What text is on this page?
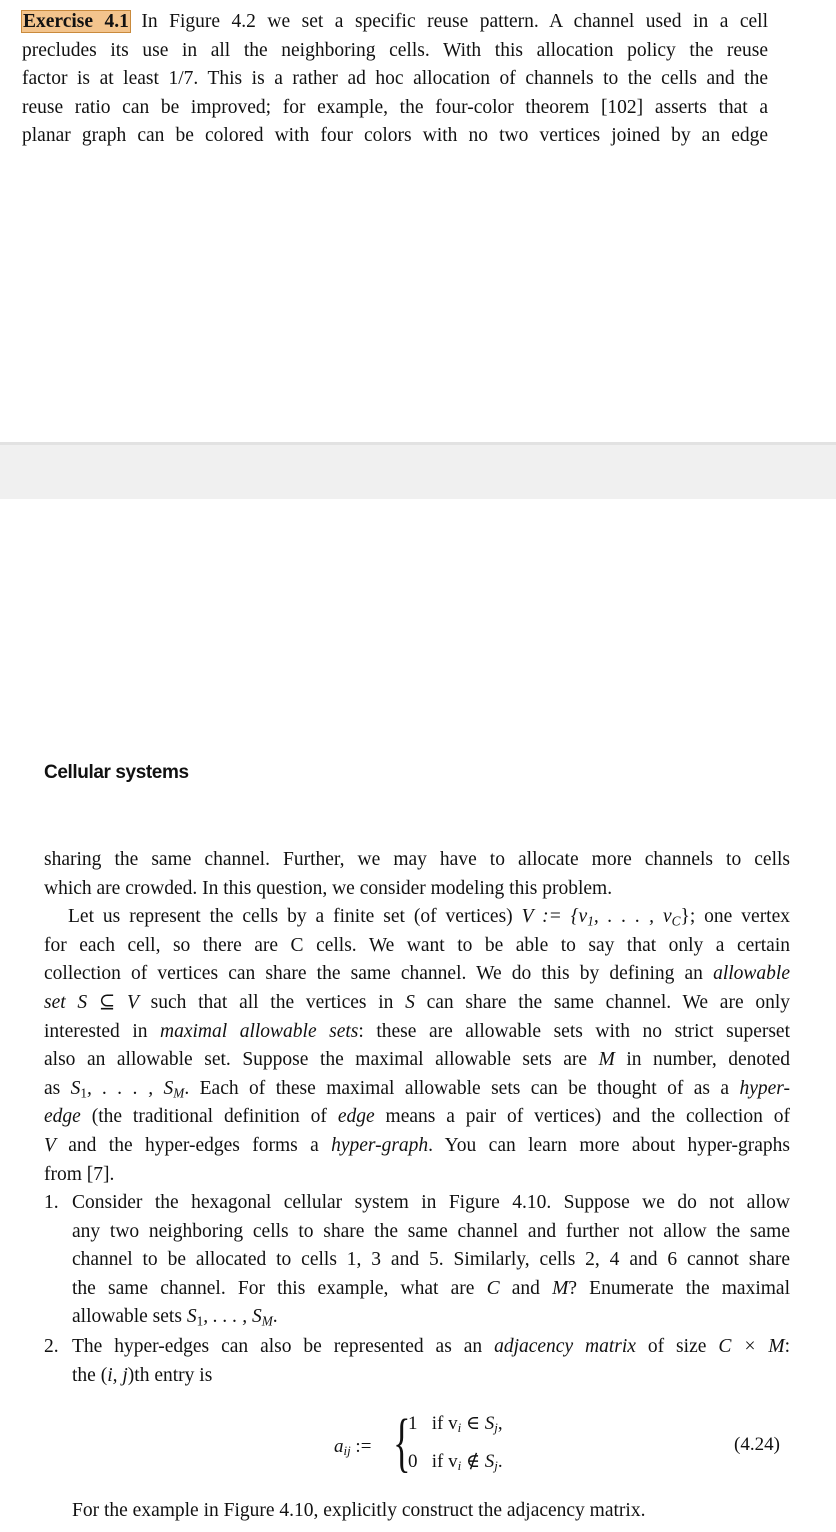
Exercise 4.1 In Figure 4.2 we set a specific reuse pattern. A channel used in a cell
precludes its use in all the neighboring cells. With this allocation policy the reuse
factor is at least 1/7. This is a rather ad hoc allocation of channels to the cells and the
reuse ratio can be improved; for example, the four-color theorem [102] asserts that a
planar graph can be colored with four colors with no two vertices joined by an edge
Cellular systems
sharing the same channel. Further, we may have to allocate more channels to cells
which are crowded. In this question, we consider modeling this problem.
Let us represent the cells by a finite set (of vertices) V := {$v_1$, . . . , $v_C$}; one vertex
for each cell, so there are C cells. We want to be able to say that only a certain
collection of vertices can share the same channel. We do this by defining an allowable
set S ⊆ V such that all the vertices in S can share the same channel. We are only
interested in maximal allowable sets: these are allowable sets with no strict superset
also an allowable set. Suppose the maximal allowable sets are M in number, denoted
as $S_1$, . . . , $S_M$. Each of these maximal allowable sets can be thought of as a hyper-
edge (the traditional definition of edge means a pair of vertices) and the collection of
V and the hyper-edges forms a hyper-graph. You can learn more about hyper-graphs
from [7].
1. Consider the hexagonal cellular system in Figure 4.10. Suppose we do not allow
any two neighboring cells to share the same channel and further not allow the same
channel to be allocated to cells 1, 3 and 5. Similarly, cells 2, 4 and 6 cannot share
the same channel. For this example, what are C and M? Enumerate the maximal
allowable sets $S_1$, . . . , $S_M$.
2. The hyper-edges can also be represented as an adjacency matrix of size C × M:
the (i, j)th entry is
$a_{ij}$ := {
1 if $v_i$ ∈ $S_j$,
0 if $v_i$ ∉ $S_j$.
(4.24)
For the example in Figure 4.10, explicitly construct the adjacency matrix.
